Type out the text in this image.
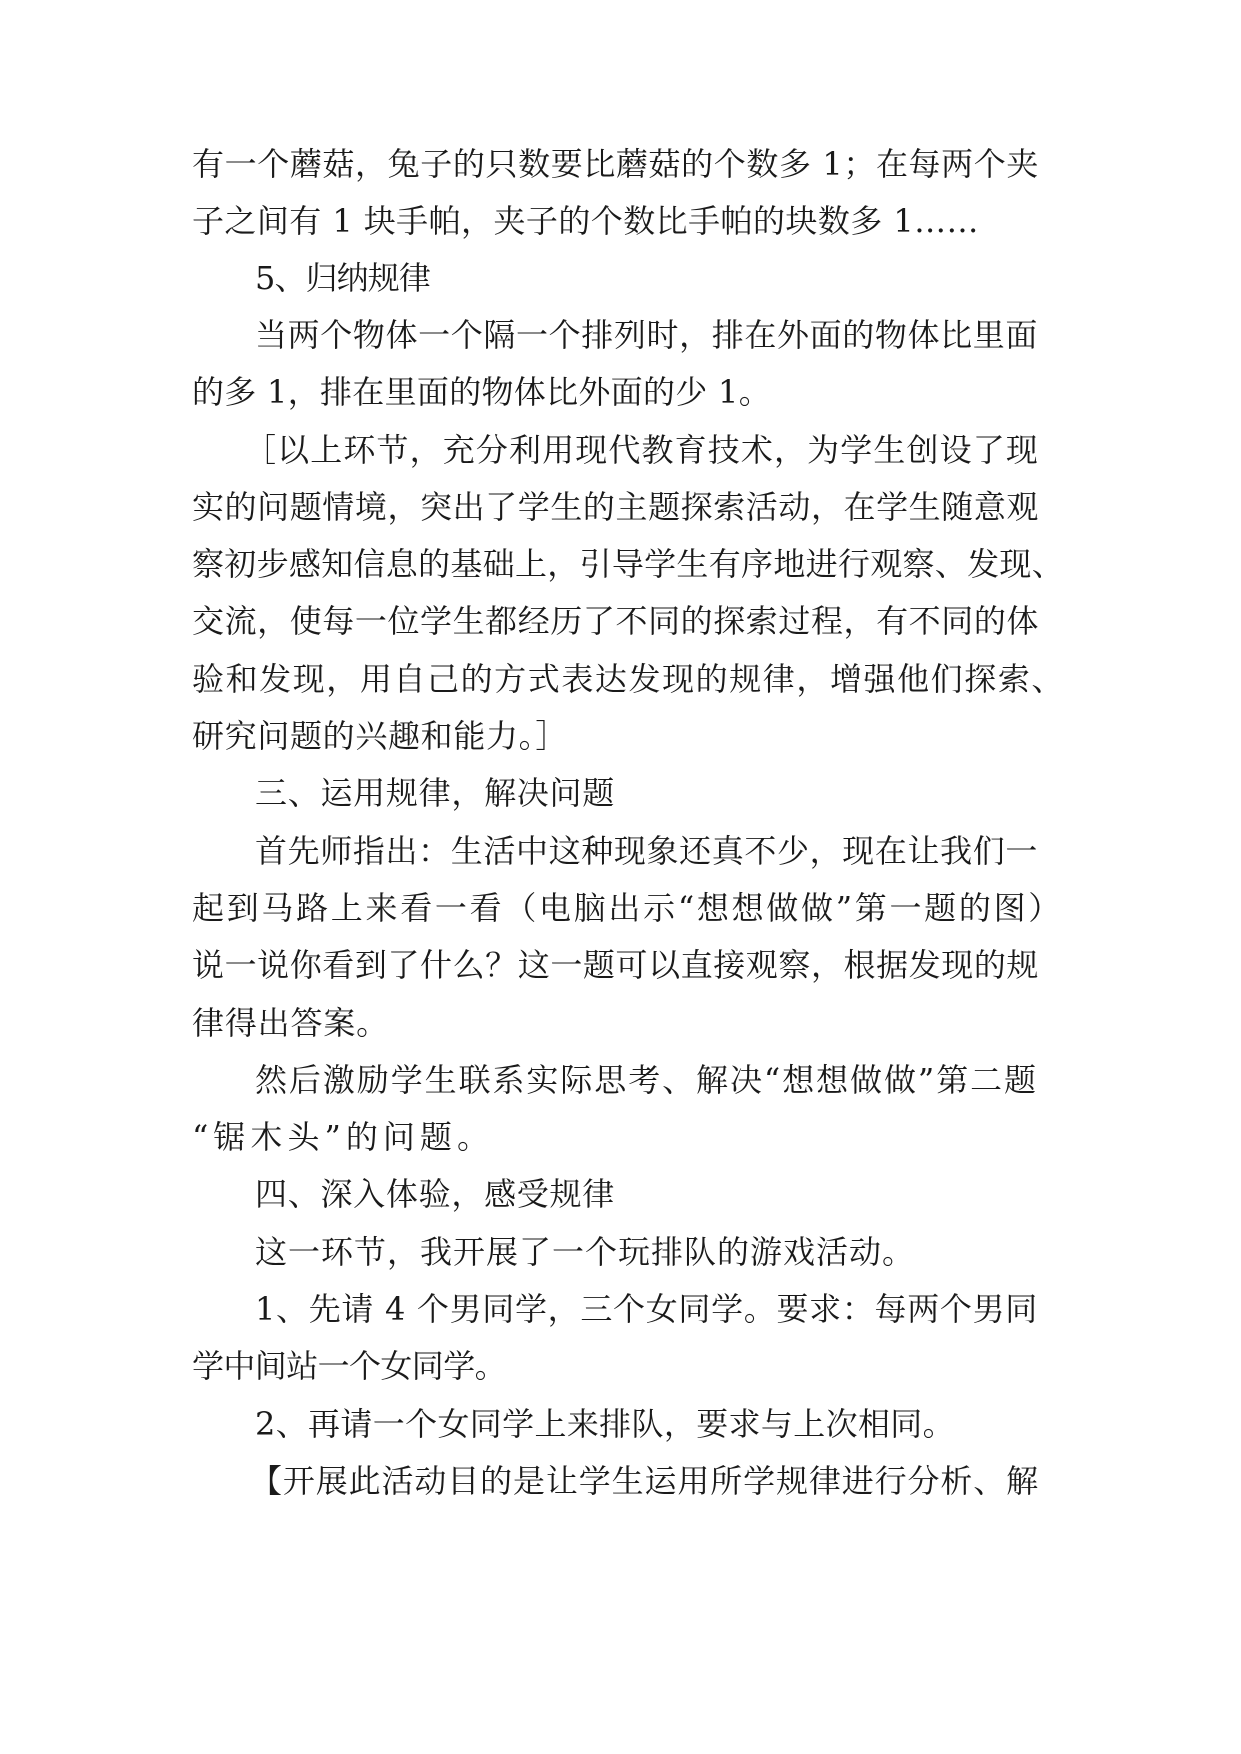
有一个蘑菇，兔子的只数要比蘑菇的个数多 1；在每两个夹
子之间有 1 块手帕，夹子的个数比手帕的块数多 1……
5、归纳规律
当两个物体一个隔一个排列时，排在外面的物体比里面
的多 1，排在里面的物体比外面的少 1。
［以上环节，充分利用现代教育技术，为学生创设了现
实的问题情境，突出了学生的主题探索活动，在学生随意观
察初步感知信息的基础上，引导学生有序地进行观察、发现、
交流，使每一位学生都经历了不同的探索过程，有不同的体
验和发现，用自己的方式表达发现的规律，增强他们探索、
研究问题的兴趣和能力。］
三、运用规律，解决问题
首先师指出：生活中这种现象还真不少，现在让我们一
起到马路上来看一看（电脑出示“想想做做”第一题的图）
说一说你看到了什么？这一题可以直接观察，根据发现的规
律得出答案。
然后激励学生联系实际思考、解决“想想做做”第二题
“锯木头”的问题。
四、深入体验，感受规律
这一环节，我开展了一个玩排队的游戏活动。
1、先请 4 个男同学，三个女同学。要求：每两个男同
学中间站一个女同学。
2、再请一个女同学上来排队，要求与上次相同。
【开展此活动目的是让学生运用所学规律进行分析、解
